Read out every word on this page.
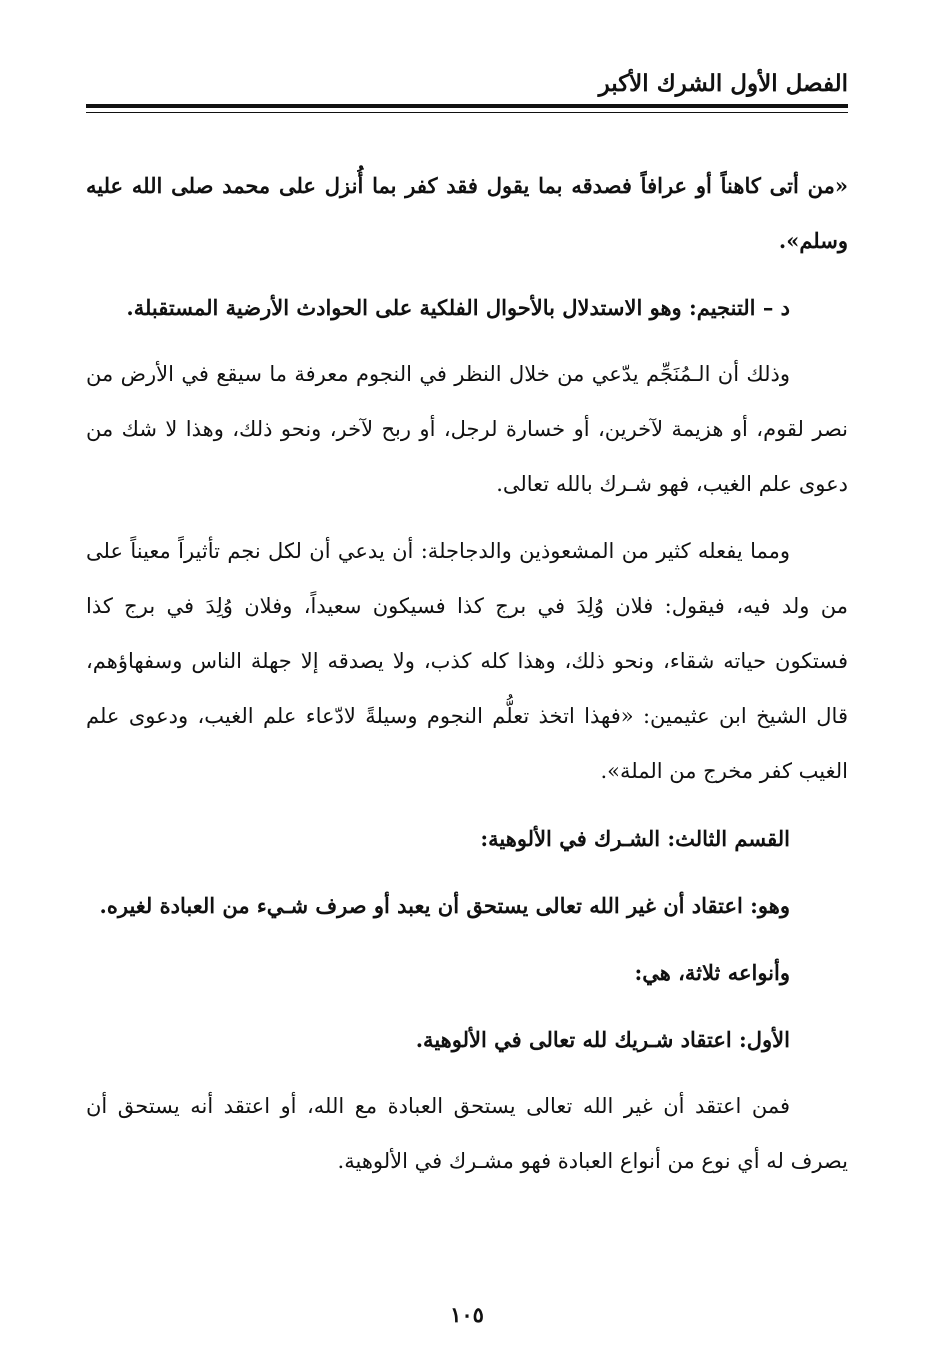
الفصل الأول الشرك الأكبر

«من أتى كاهناً أو عرافاً فصدقه بما يقول فقد كفر بما أُنزل على محمد صلى الله عليه وسلم».

د – التنجيم: وهو الاستدلال بالأحوال الفلكية على الحوادث الأرضية المستقبلة.

وذلك أن الـمُنَجِّم يدّعي من خلال النظر في النجوم معرفة ما سيقع في الأرض من نصر لقوم، أو هزيمة لآخرين، أو خسارة لرجل، أو ربح لآخر، ونحو ذلك، وهذا لا شك من دعوى علم الغيب، فهو شـرك بالله تعالى.

ومما يفعله كثير من المشعوذين والدجاجلة: أن يدعي أن لكل نجم تأثيراً معيناً على من ولد فيه، فيقول: فلان وُلِدَ في برج كذا فسيكون سعيداً، وفلان وُلِدَ في برج كذا فستكون حياته شقاء، ونحو ذلك، وهذا كله كذب، ولا يصدقه إلا جهلة الناس وسفهاؤهم، قال الشيخ ابن عثيمين: «فهذا اتخذ تعلُّم النجوم وسيلةً لادّعاء علم الغيب، ودعوى علم الغيب كفر مخرج من الملة».

القسم الثالث: الشـرك في الألوهية:

وهو: اعتقاد أن غير الله تعالى يستحق أن يعبد أو صرف شـيء من العبادة لغيره.

وأنواعه ثلاثة، هي:

الأول: اعتقاد شـريك لله تعالى في الألوهية.

فمن اعتقد أن غير الله تعالى يستحق العبادة مع الله، أو اعتقد أنه يستحق أن يصرف له أي نوع من أنواع العبادة فهو مشـرك في الألوهية.

١٠٥
